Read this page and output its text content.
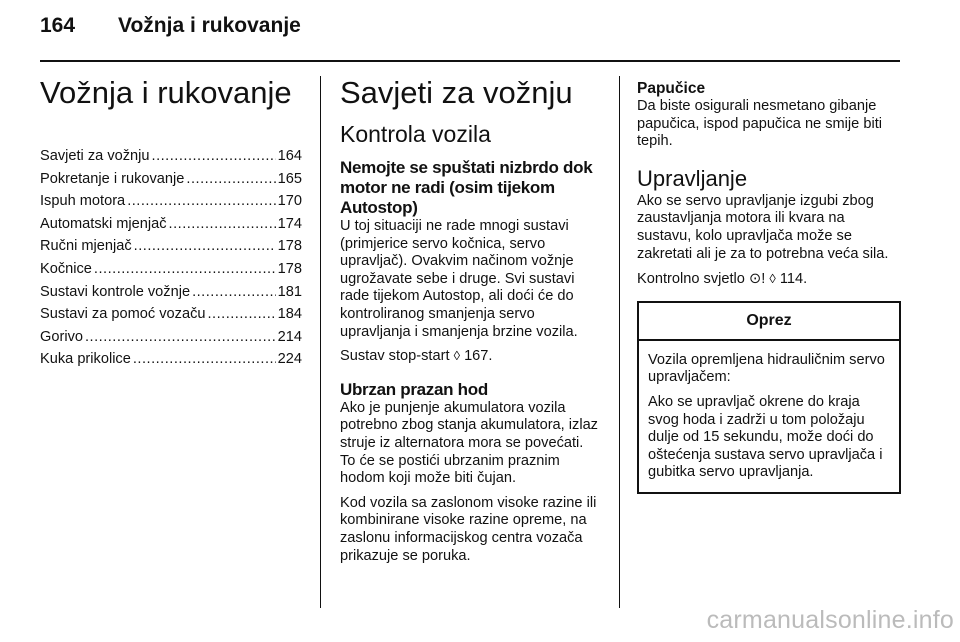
164 Vožnja i rukovanje
Vožnja i rukovanje
Savjeti za vožnju .....	164
Pokretanje i rukovanje .....	165
Ispuh motora .....	170
Automatski mjenjač .....	174
Ručni mjenjač .....	178
Kočnice .....	178
Sustavi kontrole vožnje .....	181
Sustavi za pomoć vozaču .....	184
Gorivo .....	214
Kuka prikolice .....	224
Savjeti za vožnju
Kontrola vozila
Nemojte se spuštati nizbrdo dok motor ne radi (osim tijekom Autostop)

U toj situaciji ne rade mnogi sustavi (primjerice servo kočnica, servo upravljač). Ovakvim načinom vožnje ugrožavate sebe i druge. Svi sustavi rade tijekom Autostop, ali doći će do kontroliranog smanjenja servo upravljanja i smanjenja brzine vozila.

Sustav stop-start ◊ 167.

Ubrzan prazan hod

Ako je punjenje akumulatora vozila potrebno zbog stanja akumulatora, izlaz struje iz alternatora mora se povećati. To će se postići ubrzanim praznim hodom koji može biti čujan.

Kod vozila sa zaslonom visoke razine ili kombinirane visoke razine opreme, na zaslonu informacijskog centra vozača prikazuje se poruka.

Papučice

Da biste osigurali nesmetano gibanje papučica, ispod papučica ne smije biti tepih.

Upravljanje

Ako se servo upravljanje izgubi zbog zaustavljanja motora ili kvara na sustavu, kolo upravljača može se zakretati ali je za to potrebna veća sila.

Kontrolno svjetlo ⊙! ◊ 114.

Oprez

Vozila opremljena hidrauličnim servo upravljačem:

Ako se upravljač okrene do kraja svog hoda i zadrži u tom položaju dulje od 15 sekundu, može doći do oštećenja sustava servo upravljača i gubitka servo upravljanja.

carmanualsonline.info
